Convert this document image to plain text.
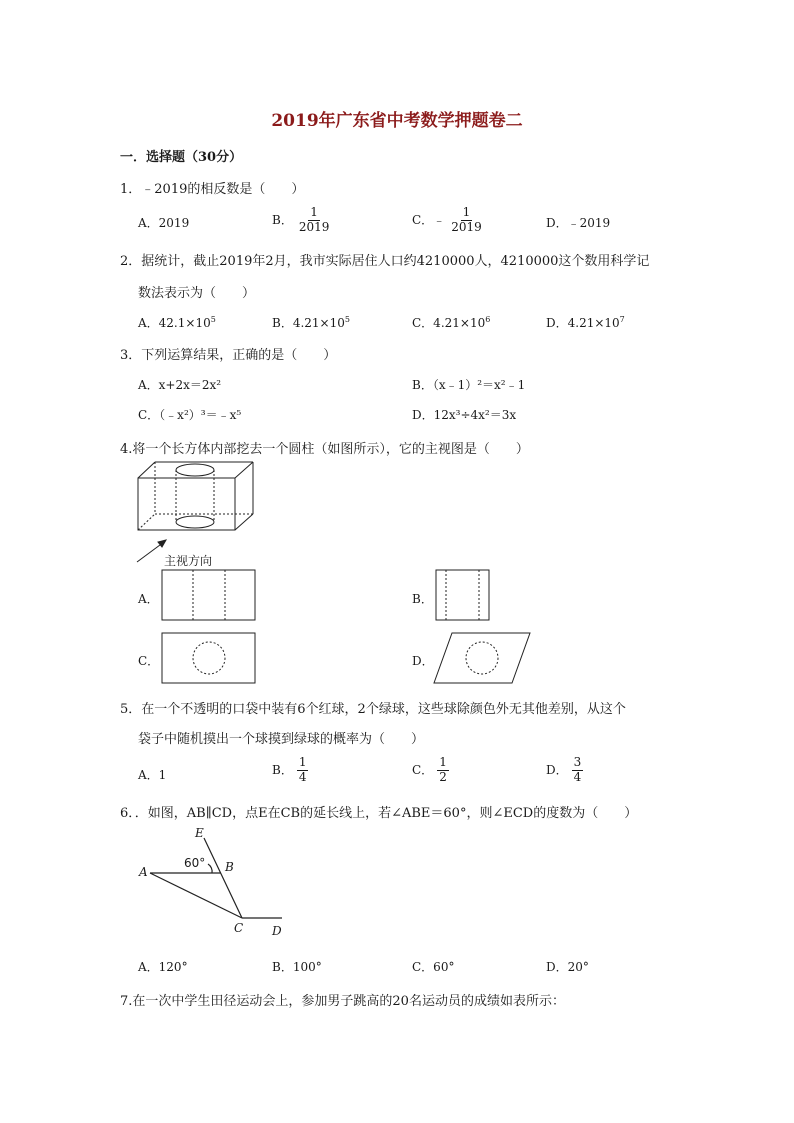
2019年广东省中考数学押题卷二
一．选择题（30分）
1．﹣2019的相反数是（　　）
A．2019	B． $\frac{1}{2019}$	C．﹣ $\frac{1}{2019}$	D．﹣2019
2．据统计，截止2019年2月，我市实际居住人口约4210000人，4210000这个数用科学记
数法表示为（　　）
A．$42.1\times 10^5$	B．$4.21\times 10^5$	C．$4.21\times 10^6$	D．$4.21\times 10^7$
3．下列运算结果，正确的是（　　）
A．x+2x＝2x²	B．（x﹣1）²＝x²﹣1
C．（﹣x²）³＝﹣x⁵	D．12x³÷4x²＝3x
4.将一个长方体内部挖去一个圆柱（如图所示），它的主视图是（　　）
主视方向
A．	B．
C．	D．
5．在一个不透明的口袋中装有6个红球，2个绿球，这些球除颜色外无其他差别，从这个
袋子中随机摸出一个球摸到绿球的概率为（　　）
A．1	B． $\frac{1}{4}$	C． $\frac{1}{2}$	D． $\frac{3}{4}$
6．．如图，AB∥CD，点E在CB的延长线上，若∠ABE＝60°，则∠ECD的度数为（　　）
E
60° B
A
C D
A．120°	B．100°	C．60°	D．20°
7.在一次中学生田径运动会上，参加男子跳高的20名运动员的成绩如表所示：
